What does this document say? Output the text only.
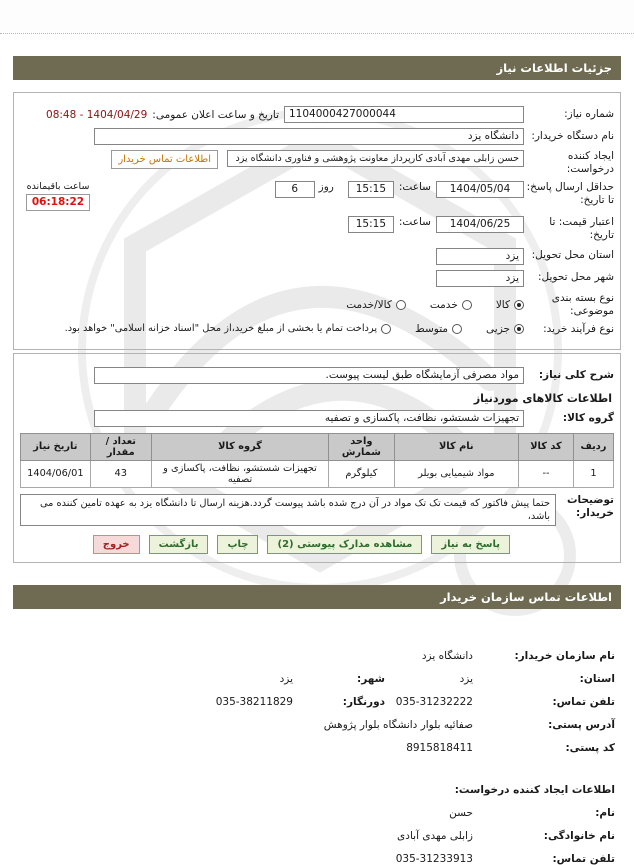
جزئیات اطلاعات نیاز
شماره نیاز:
1104000427000044
تاریخ و ساعت اعلان عمومی:
08:48 - 1404/04/29
نام دستگاه خریدار:
دانشگاه یزد
ایجاد کننده درخواست:
حسن زابلی مهدی آبادی کارپرداز معاونت پژوهشی و فناوری دانشگاه یزد
اطلاعات تماس خریدار
حداقل ارسال پاسخ: تا تاریخ:
1404/05/04
ساعت:
15:15
روز
6
ساعت باقیمانده
06:18:22
اعتبار قیمت: تا تاریخ:
1404/06/25
ساعت:
15:15
استان محل تحویل:
یزد
شهر محل تحویل:
یزد
نوع بسته بندی موضوعی:
کالا
خدمت
کالا/خدمت
نوع فرآیند خرید:
جزیی
متوسط
پرداخت تمام یا بخشی از مبلغ خرید،از محل "اسناد خزانه اسلامی" خواهد بود.
شرح کلی نیاز:
مواد مصرفی آزمایشگاه طبق لیست پیوست.
اطلاعات کالاهای موردنیاز
گروه کالا:
تجهیزات شستشو، نظافت، پاکسازی و تصفیه
ردیف	کد کالا	نام کالا	واحد شمارش	گروه کالا	تعداد / مقدار	تاریخ نیاز
1	--	مواد شیمیایی بویلر	کیلوگرم	تجهیزات شستشو، نظافت، پاکسازی و تصفیه	43	1404/06/01
توضیحات خریدار:
حتما پیش فاکتور که قیمت تک تک مواد در آن درج شده باشد پیوست گردد.هزینه ارسال تا دانشگاه یزد به عهده تامین کننده می باشد،
پاسخ به نیاز
مشاهده مدارک پیوستی (2)
چاپ
بازگشت
خروج
اطلاعات تماس سازمان خریدار
نام سازمان خریدار:
دانشگاه یزد
استان:
یزد
شهر:
یزد
تلفن تماس:
035-31232222
دورنگار:
035-38211829
آدرس پستی:
صفائیه بلوار دانشگاه بلوار پژوهش
کد پستی:
8915818411
اطلاعات ایجاد کننده درخواست:
نام:
حسن
نام خانوادگی:
زابلی مهدی آبادی
تلفن تماس:
035-31233913
